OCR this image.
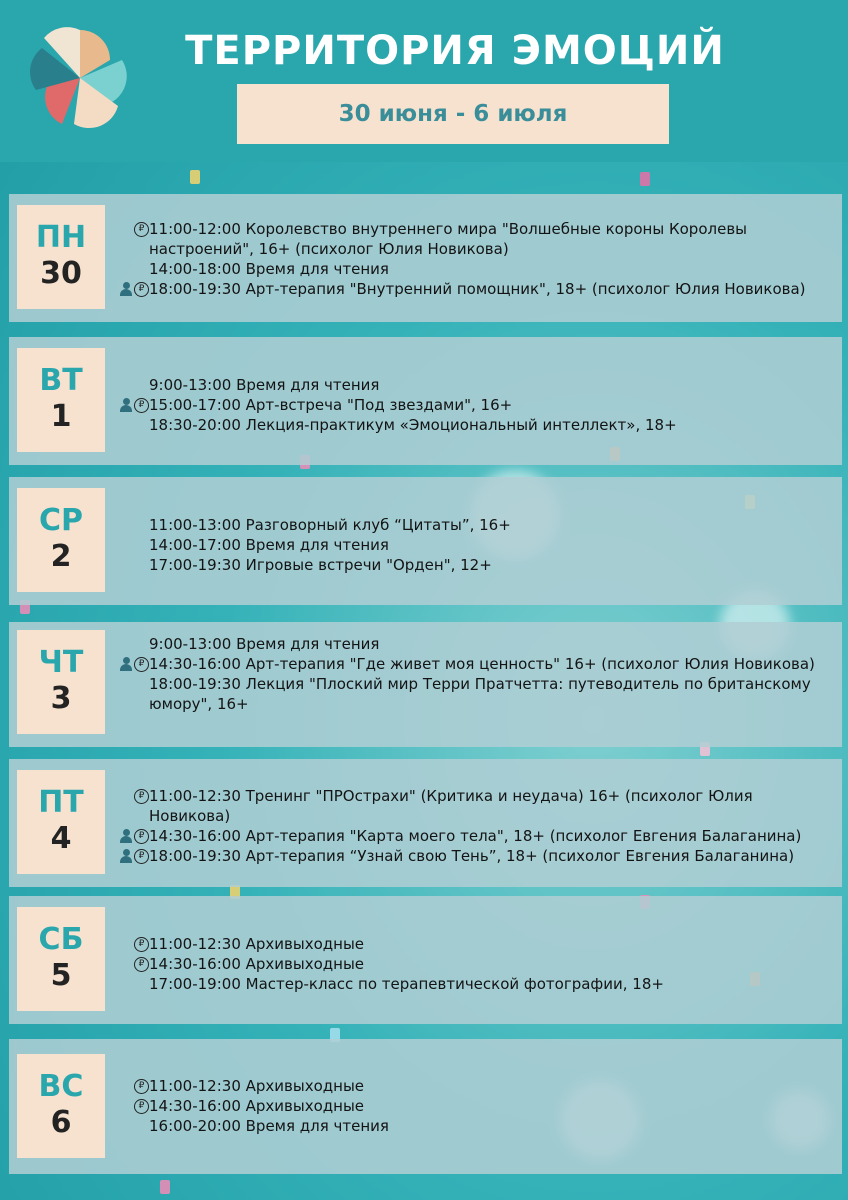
ТЕРРИТОРИЯ ЭМОЦИЙ
30 июня - 6 июля
ПН
30
₽ 11:00-12:00 Королевство внутреннего мира "Волшебные короны Королевы настроений", 16+ (психолог Юлия Новикова)
14:00-18:00 Время для чтения
₽ 18:00-19:30 Арт-терапия "Внутренний помощник", 18+ (психолог Юлия Новикова)
ВТ
1
9:00-13:00 Время для чтения
₽ 15:00-17:00 Арт-встреча "Под звездами", 16+
18:30-20:00 Лекция-практикум «Эмоциональный интеллект», 18+
СР
2
11:00-13:00 Разговорный клуб “Цитаты”, 16+
14:00-17:00 Время для чтения
17:00-19:30 Игровые встречи "Орден", 12+
ЧТ
3
9:00-13:00 Время для чтения
₽ 14:30-16:00 Арт-терапия "Где живет моя ценность" 16+ (психолог Юлия Новикова)
18:00-19:30 Лекция "Плоский мир Терри Пратчетта: путеводитель по британскому юмору", 16+
ПТ
4
₽ 11:00-12:30 Тренинг "ПРОстрахи" (Критика и неудача) 16+ (психолог Юлия Новикова)
₽ 14:30-16:00 Арт-терапия "Карта моего тела", 18+ (психолог Евгения Балаганина)
₽ 18:00-19:30 Арт-терапия “Узнай свою Тень”, 18+ (психолог Евгения Балаганина)
СБ
5
₽ 11:00-12:30 Архивыходные
₽ 14:30-16:00 Архивыходные
17:00-19:00 Мастер-класс по терапевтической фотографии, 18+
ВС
6
₽ 11:00-12:30 Архивыходные
₽ 14:30-16:00 Архивыходные
16:00-20:00 Время для чтения
